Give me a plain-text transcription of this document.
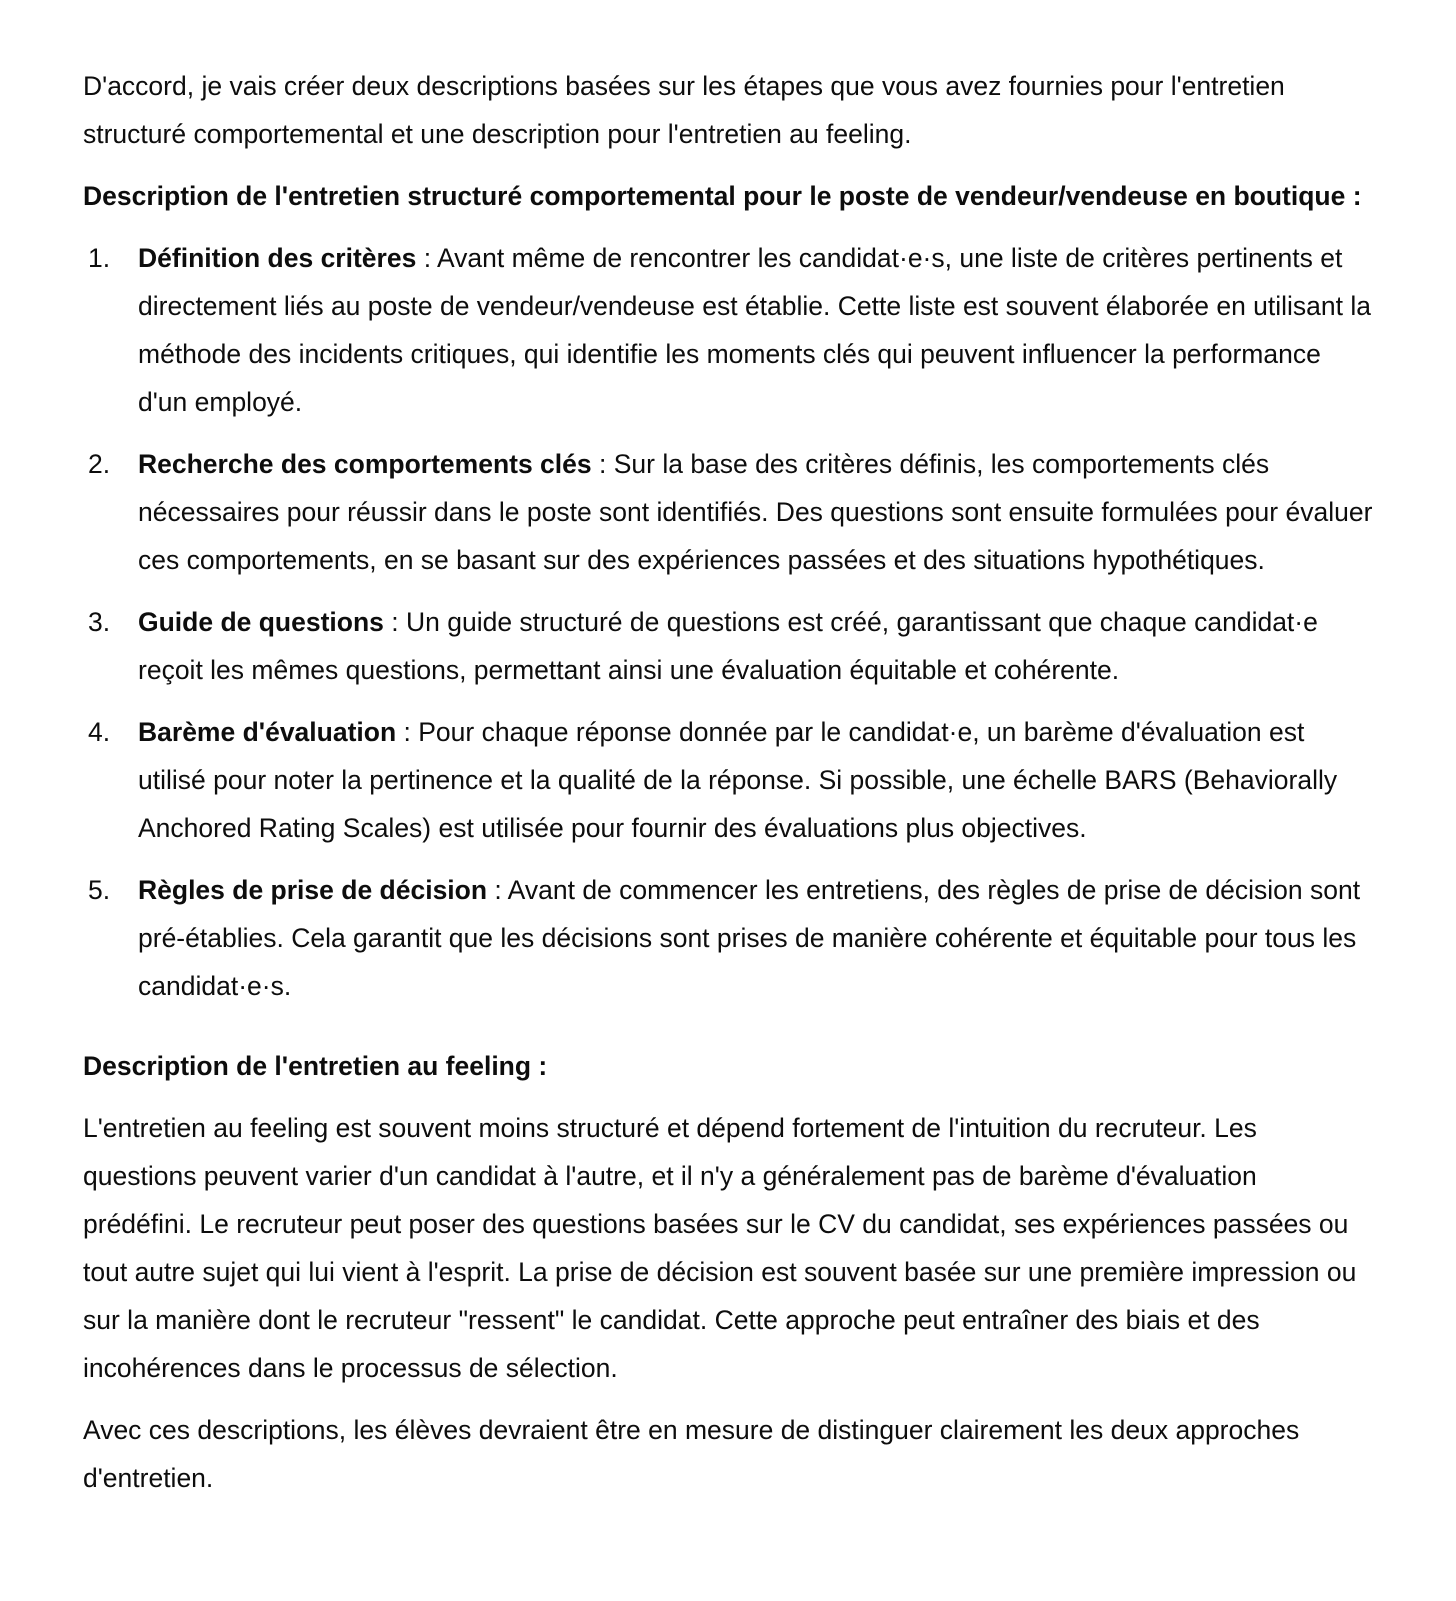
D'accord, je vais créer deux descriptions basées sur les étapes que vous avez fournies pour l'entretien structuré comportemental et une description pour l'entretien au feeling.

Description de l'entretien structuré comportemental pour le poste de vendeur/vendeuse en boutique :

1. Définition des critères : Avant même de rencontrer les candidat·e·s, une liste de critères pertinents et directement liés au poste de vendeur/vendeuse est établie. Cette liste est souvent élaborée en utilisant la méthode des incidents critiques, qui identifie les moments clés qui peuvent influencer la performance d'un employé.
2. Recherche des comportements clés : Sur la base des critères définis, les comportements clés nécessaires pour réussir dans le poste sont identifiés. Des questions sont ensuite formulées pour évaluer ces comportements, en se basant sur des expériences passées et des situations hypothétiques.
3. Guide de questions : Un guide structuré de questions est créé, garantissant que chaque candidat·e reçoit les mêmes questions, permettant ainsi une évaluation équitable et cohérente.
4. Barème d'évaluation : Pour chaque réponse donnée par le candidat·e, un barème d'évaluation est utilisé pour noter la pertinence et la qualité de la réponse. Si possible, une échelle BARS (Behaviorally Anchored Rating Scales) est utilisée pour fournir des évaluations plus objectives.
5. Règles de prise de décision : Avant de commencer les entretiens, des règles de prise de décision sont pré-établies. Cela garantit que les décisions sont prises de manière cohérente et équitable pour tous les candidat·e·s.

Description de l'entretien au feeling :

L'entretien au feeling est souvent moins structuré et dépend fortement de l'intuition du recruteur. Les questions peuvent varier d'un candidat à l'autre, et il n'y a généralement pas de barème d'évaluation prédéfini. Le recruteur peut poser des questions basées sur le CV du candidat, ses expériences passées ou tout autre sujet qui lui vient à l'esprit. La prise de décision est souvent basée sur une première impression ou sur la manière dont le recruteur "ressent" le candidat. Cette approche peut entraîner des biais et des incohérences dans le processus de sélection.

Avec ces descriptions, les élèves devraient être en mesure de distinguer clairement les deux approches d'entretien.
